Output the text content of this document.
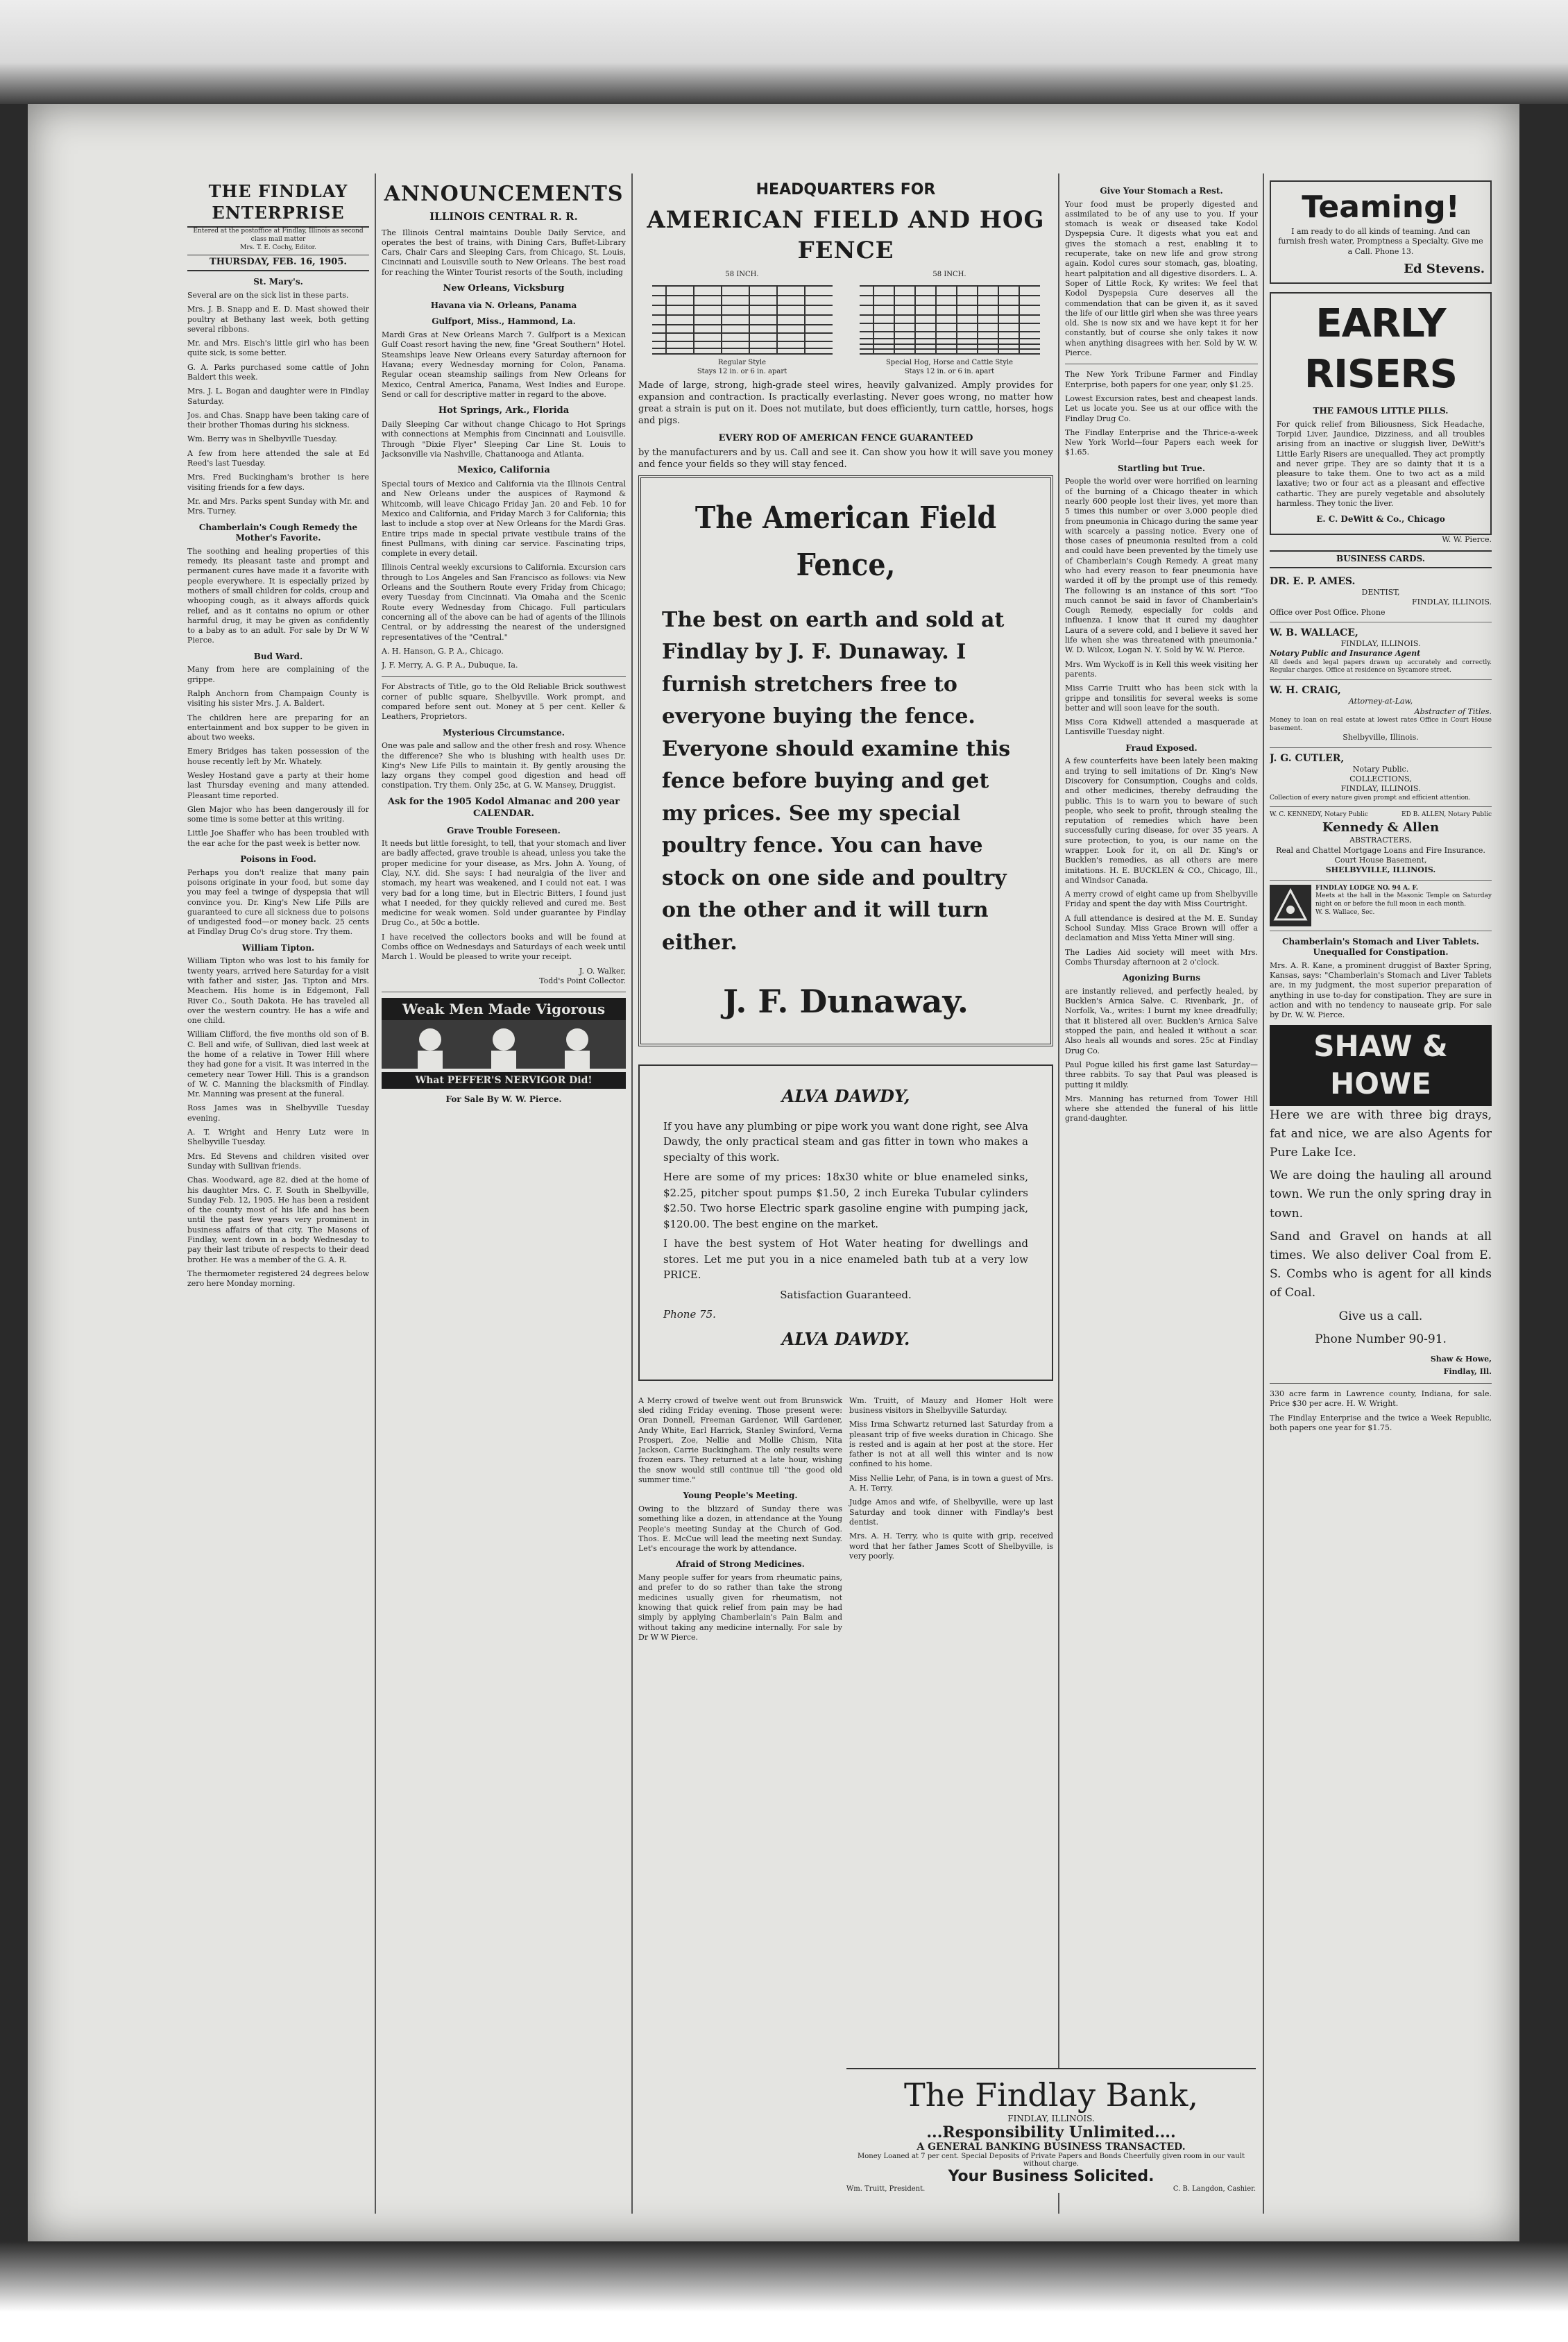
THE FINDLAY ENTERPRISE
Entered at the postoffice at Findlay, Illinois as second class mail matter
Mrs. T. E. Cochy, Editor.
THURSDAY, FEB. 16, 1905.
St. Mary's.

Several are on the sick list in these parts.

Mrs. J. B. Snapp and E. D. Mast showed their poultry at Bethany last week, both getting several ribbons.

Mr. and Mrs. Eisch's little girl who has been quite sick, is some better.

G. A. Parks purchased some cattle of John Baldert this week.

Mrs. J. L. Bogan and daughter were in Findlay Saturday.

Jos. and Chas. Snapp have been taking care of their brother Thomas during his sickness.

Wm. Berry was in Shelbyville Tuesday.

A few from here attended the sale at Ed Reed's last Tuesday.

Mrs. Fred Buckingham's brother is here visiting friends for a few days.

Mr. and Mrs. Parks spent Sunday with Mr. and Mrs. Turney.

Chamberlain's Cough Remedy the Mother's Favorite.

The soothing and healing properties of this remedy, its pleasant taste and prompt and permanent cures have made it a favorite with people everywhere. It is especially prized by mothers of small children for colds, croup and whooping cough, as it always affords quick relief, and as it contains no opium or other harmful drug, it may be given as confidently to a baby as to an adult. For sale by Dr W W Pierce.

Bud Ward.

Many from here are complaining of the grippe.

Ralph Anchorn from Champaign County is visiting his sister Mrs. J. A. Baldert.

The children here are preparing for an entertainment and box supper to be given in about two weeks.

Emery Bridges has taken possession of the house recently left by Mr. Whately.

Wesley Hostand gave a party at their home last Thursday evening and many attended. Pleasant time reported.

Glen Major who has been dangerously ill for some time is some better at this writing.

Little Joe Shaffer who has been troubled with the ear ache for the past week is better now.

Poisons in Food.

Perhaps you don't realize that many pain poisons originate in your food, but some day you may feel a twinge of dyspepsia that will convince you. Dr. King's New Life Pills are guaranteed to cure all sickness due to poisons of undigested food—or money back. 25 cents at Findlay Drug Co's drug store. Try them.

William Tipton.

William Tipton who was lost to his family for twenty years, arrived here Saturday for a visit with father and sister, Jas. Tipton and Mrs. Meachem. His home is in Edgemont, Fall River Co., South Dakota. He has traveled all over the western country. He has a wife and one child.

William Clifford, the five months old son of B. C. Bell and wife, of Sullivan, died last week at the home of a relative in Tower Hill where they had gone for a visit. It was interred in the cemetery near Tower Hill. This is a grandson of W. C. Manning the blacksmith of Findlay. Mr. Manning was present at the funeral.

Ross James was in Shelbyville Tuesday evening.

A. T. Wright and Henry Lutz were in Shelbyville Tuesday.

Mrs. Ed Stevens and children visited over Sunday with Sullivan friends.

Chas. Woodward, age 82, died at the home of his daughter Mrs. C. F. South in Shelbyville, Sunday Feb. 12, 1905. He has been a resident of the county most of his life and has been until the past few years very prominent in business affairs of that city. The Masons of Findlay, went down in a body Wednesday to pay their last tribute of respects to their dead brother. He was a member of the G. A. R.

The thermometer registered 24 degrees below zero here Monday morning.

ANNOUNCEMENTS
ILLINOIS CENTRAL R. R.

The Illinois Central maintains Double Daily Service, and operates the best of trains, with Dining Cars, Buffet-Library Cars, Chair Cars and Sleeping Cars, from Chicago, St. Louis, Cincinnati and Louisville south to New Orleans. The best road for reaching the Winter Tourist resorts of the South, including

New Orleans, Vicksburg
Havana via N. Orleans, Panama
Gulfport, Miss., Hammond, La.

Mardi Gras at New Orleans March 7. Gulfport is a Mexican Gulf Coast resort having the new, fine "Great Southern" Hotel. Steamships leave New Orleans every Saturday afternoon for Havana; every Wednesday morning for Colon, Panama. Regular ocean steamship sailings from New Orleans for Mexico, Central America, Panama, West Indies and Europe. Send or call for descriptive matter in regard to the above.

Hot Springs, Ark., Florida

Daily Sleeping Car without change Chicago to Hot Springs with connections at Memphis from Cincinnati and Louisville. Through "Dixie Flyer" Sleeping Car Line St. Louis to Jacksonville via Nashville, Chattanooga and Atlanta.

Mexico, California

Special tours of Mexico and California via the Illinois Central and New Orleans under the auspices of Raymond & Whitcomb, will leave Chicago Friday Jan. 20 and Feb. 10 for Mexico and California, and Friday March 3 for California; this last to include a stop over at New Orleans for the Mardi Gras. Entire trips made in special private vestibule trains of the finest Pullmans, with dining car service. Fascinating trips, complete in every detail.

Illinois Central weekly excursions to California. Excursion cars through to Los Angeles and San Francisco as follows: via New Orleans and the Southern Route every Friday from Chicago; every Tuesday from Cincinnati. Via Omaha and the Scenic Route every Wednesday from Chicago. Full particulars concerning all of the above can be had of agents of the Illinois Central, or by addressing the nearest of the undersigned representatives of the "Central."

A. H. Hanson, G. P. A., Chicago.

J. F. Merry, A. G. P. A., Dubuque, Ia.

For Abstracts of Title, go to the Old Reliable Brick southwest corner of public square, Shelbyville. Work prompt, and compared before sent out. Money at 5 per cent. Keller & Leathers, Proprietors.

Mysterious Circumstance.

One was pale and sallow and the other fresh and rosy. Whence the difference? She who is blushing with health uses Dr. King's New Life Pills to maintain it. By gently arousing the lazy organs they compel good digestion and head off constipation. Try them. Only 25c, at G. W. Mansey, Druggist.

Ask for the 1905 Kodol Almanac and 200 year CALENDAR.
Grave Trouble Foreseen.

It needs but little foresight, to tell, that your stomach and liver are badly affected, grave trouble is ahead, unless you take the proper medicine for your disease, as Mrs. John A. Young, of Clay, N.Y. did. She says: I had neuralgia of the liver and stomach, my heart was weakened, and I could not eat. I was very bad for a long time, but in Electric Bitters, I found just what I needed, for they quickly relieved and cured me. Best medicine for weak women. Sold under guarantee by Findlay Drug Co., at 50c a bottle.

I have received the collectors books and will be found at Combs office on Wednesdays and Saturdays of each week until March 1. Would be pleased to write your receipt.

J. O. Walker,
Todd's Point Collector.
Weak Men Made Vigorous
What PEFFER'S NERVIGOR Did!
For Sale By W. W. Pierce.
HEADQUARTERS FOR
AMERICAN FIELD AND HOG FENCE
58 INCH.
Regular Style
Stays 12 in. or 6 in. apart
58 INCH.
Special Hog, Horse and Cattle Style
Stays 12 in. or 6 in. apart

Made of large, strong, high-grade steel wires, heavily galvanized. Amply provides for expansion and contraction. Is practically everlasting. Never goes wrong, no matter how great a strain is put on it. Does not mutilate, but does efficiently, turn cattle, horses, hogs and pigs.

EVERY ROD OF AMERICAN FENCE GUARANTEED

by the manufacturers and by us. Call and see it. Can show you how it will save you money and fence your fields so they will stay fenced.

The American Field Fence,
The best on earth and sold at Findlay by J. F. Dunaway. I furnish stretchers free to everyone buying the fence. Everyone should examine this fence before buying and get my prices. See my special poultry fence. You can have stock on one side and poultry on the other and it will turn either.
J. F. Dunaway.
ALVA DAWDY,

If you have any plumbing or pipe work you want done right, see Alva Dawdy, the only practical steam and gas fitter in town who makes a specialty of this work.

Here are some of my prices: 18x30 white or blue enameled sinks, $2.25, pitcher spout pumps $1.50, 2 inch Eureka Tubular cylinders $2.50. Two horse Electric spark gasoline engine with pumping jack, $120.00. The best engine on the market.

I have the best system of Hot Water heating for dwellings and stores. Let me put you in a nice enameled bath tub at a very low PRICE.

Satisfaction Guaranteed.

Phone 75.

ALVA DAWDY.

A Merry crowd of twelve went out from Brunswick sled riding Friday evening. Those present were: Oran Donnell, Freeman Gardener, Will Gardener, Andy White, Earl Harrick, Stanley Swinford, Verna Prosperi, Zoe, Nellie and Mollie Chism, Nita Jackson, Carrie Buckingham. The only results were frozen ears. They returned at a late hour, wishing the snow would still continue till "the good old summer time."

Young People's Meeting.

Owing to the blizzard of Sunday there was something like a dozen, in attendance at the Young People's meeting Sunday at the Church of God. Thos. E. McCue will lead the meeting next Sunday. Let's encourage the work by attendance.

Afraid of Strong Medicines.

Many people suffer for years from rheumatic pains, and prefer to do so rather than take the strong medicines usually given for rheumatism, not knowing that quick relief from pain may be had simply by applying Chamberlain's Pain Balm and without taking any medicine internally. For sale by Dr W W Pierce.

Wm. Truitt, of Mauzy and Homer Holt were business visitors in Shelbyville Saturday.

Miss Irma Schwartz returned last Saturday from a pleasant trip of five weeks duration in Chicago. She is rested and is again at her post at the store. Her father is not at all well this winter and is now confined to his home.

Miss Nellie Lehr, of Pana, is in town a guest of Mrs. A. H. Terry.

Judge Amos and wife, of Shelbyville, were up last Saturday and took dinner with Findlay's best dentist.

Mrs. A. H. Terry, who is quite with grip, received word that her father James Scott of Shelbyville, is very poorly.

Give Your Stomach a Rest.

Your food must be properly digested and assimilated to be of any use to you. If your stomach is weak or diseased take Kodol Dyspepsia Cure. It digests what you eat and gives the stomach a rest, enabling it to recuperate, take on new life and grow strong again. Kodol cures sour stomach, gas, bloating, heart palpitation and all digestive disorders. L. A. Soper of Little Rock, Ky writes: We feel that Kodol Dyspepsia Cure deserves all the commendation that can be given it, as it saved the life of our little girl when she was three years old. She is now six and we have kept it for her constantly, but of course she only takes it now when anything disagrees with her. Sold by W. W. Pierce.

The New York Tribune Farmer and Findlay Enterprise, both papers for one year, only $1.25.

Lowest Excursion rates, best and cheapest lands. Let us locate you. See us at our office with the Findlay Drug Co.

The Findlay Enterprise and the Thrice-a-week New York World—four Papers each week for $1.65.

Startling but True.

People the world over were horrified on learning of the burning of a Chicago theater in which nearly 600 people lost their lives, yet more than 5 times this number or over 3,000 people died from pneumonia in Chicago during the same year with scarcely a passing notice. Every one of those cases of pneumonia resulted from a cold and could have been prevented by the timely use of Chamberlain's Cough Remedy. A great many who had every reason to fear pneumonia have warded it off by the prompt use of this remedy. The following is an instance of this sort "Too much cannot be said in favor of Chamberlain's Cough Remedy, especially for colds and influenza. I know that it cured my daughter Laura of a severe cold, and I believe it saved her life when she was threatened with pneumonia." W. D. Wilcox, Logan N. Y. Sold by W. W. Pierce.

Mrs. Wm Wyckoff is in Kell this week visiting her parents.

Miss Carrie Truitt who has been sick with la grippe and tonsilitis for several weeks is some better and will soon leave for the south.

Miss Cora Kidwell attended a masquerade at Lantisville Tuesday night.

Fraud Exposed.

A few counterfeits have been lately been making and trying to sell imitations of Dr. King's New Discovery for Consumption, Coughs and colds, and other medicines, thereby defrauding the public. This is to warn you to beware of such people, who seek to profit, through stealing the reputation of remedies which have been successfully curing disease, for over 35 years. A sure protection, to you, is our name on the wrapper. Look for it, on all Dr. King's or Bucklen's remedies, as all others are mere imitations. H. E. BUCKLEN & CO., Chicago, Ill., and Windsor Canada.

A merry crowd of eight came up from Shelbyville Friday and spent the day with Miss Courtright.

A full attendance is desired at the M. E. Sunday School Sunday. Miss Grace Brown will offer a declamation and Miss Yetta Miner will sing.

The Ladies Aid society will meet with Mrs. Combs Thursday afternoon at 2 o'clock.

Agonizing Burns

are instantly relieved, and perfectly healed, by Bucklen's Arnica Salve. C. Rivenbark, Jr., of Norfolk, Va., writes: I burnt my knee dreadfully; that it blistered all over. Bucklen's Arnica Salve stopped the pain, and healed it without a scar. Also heals all wounds and sores. 25c at Findlay Drug Co.

Paul Pogue killed his first game last Saturday—three rabbits. To say that Paul was pleased is putting it mildly.

Mrs. Manning has returned from Tower Hill where she attended the funeral of his little grand-daughter.

The Findlay Bank,
FINDLAY, ILLINOIS.
...Responsibility Unlimited....
A GENERAL BANKING BUSINESS TRANSACTED.
Money Loaned at 7 per cent. Special Deposits of Private Papers and Bonds Cheerfully given room in our vault without charge.
Your Business Solicited.
Wm. Truitt, President.	C. B. Langdon, Cashier.
Teaming!

I am ready to do all kinds of teaming. And can furnish fresh water, Promptness a Specialty. Give me a Call. Phone 13.

Ed Stevens.
EARLY RISERS
THE FAMOUS LITTLE PILLS.

For quick relief from Biliousness, Sick Headache, Torpid Liver, Jaundice, Dizziness, and all troubles arising from an inactive or sluggish liver, DeWitt's Little Early Risers are unequalled. They act promptly and never gripe. They are so dainty that it is a pleasure to take them. One to two act as a mild laxative; two or four act as a pleasant and effective cathartic. They are purely vegetable and absolutely harmless. They tonic the liver.

E. C. DeWitt & Co., Chicago
W. W. Pierce.
BUSINESS CARDS.
DR. E. P. AMES.
DENTIST,
FINDLAY, ILLINOIS.
Office over Post Office. Phone
W. B. WALLACE,
FINDLAY, ILLINOIS.
Notary Public and Insurance Agent
All deeds and legal papers drawn up accurately and correctly. Regular charges. Office at residence on Sycamore street.
W. H. CRAIG,
Attorney-at-Law,
Abstracter of Titles.
Money to loan on real estate at lowest rates Office in Court House basement.
Shelbyville, Illinois.
J. G. CUTLER,
Notary Public.
COLLECTIONS,
FINDLAY, ILLINOIS.
Collection of every nature given prompt and efficient attention.
W. C. KENNEDY, Notary Public	ED B. ALLEN, Notary Public
Kennedy & Allen
ABSTRACTERS,
Real and Chattel Mortgage Loans and Fire Insurance.
Court House Basement,
SHELBYVILLE, ILLINOIS.
FINDLAY LODGE NO. 94 A. F.
Meets at the hall in the Masonic Temple on Saturday night on or before the full moon in each month.
W. S. Wallace, Sec.
Chamberlain's Stomach and Liver Tablets. Unequalled for Constipation.

Mrs. A. R. Kane, a prominent druggist of Baxter Spring, Kansas, says: "Chamberlain's Stomach and Liver Tablets are, in my judgment, the most superior preparation of anything in use to-day for constipation. They are sure in action and with no tendency to nauseate grip. For sale by Dr. W. W. Pierce.

SHAW & HOWE

Here we are with three big drays, fat and nice, we are also Agents for Pure Lake Ice.

We are doing the hauling all around town. We run the only spring dray in town.

Sand and Gravel on hands at all times. We also deliver Coal from E. S. Combs who is agent for all kinds of Coal.

Give us a call.

Phone Number 90-91.

Shaw & Howe,
Findlay, Ill.

330 acre farm in Lawrence county, Indiana, for sale. Price $30 per acre. H. W. Wright.

The Findlay Enterprise and the twice a Week Republic, both papers one year for $1.75.
